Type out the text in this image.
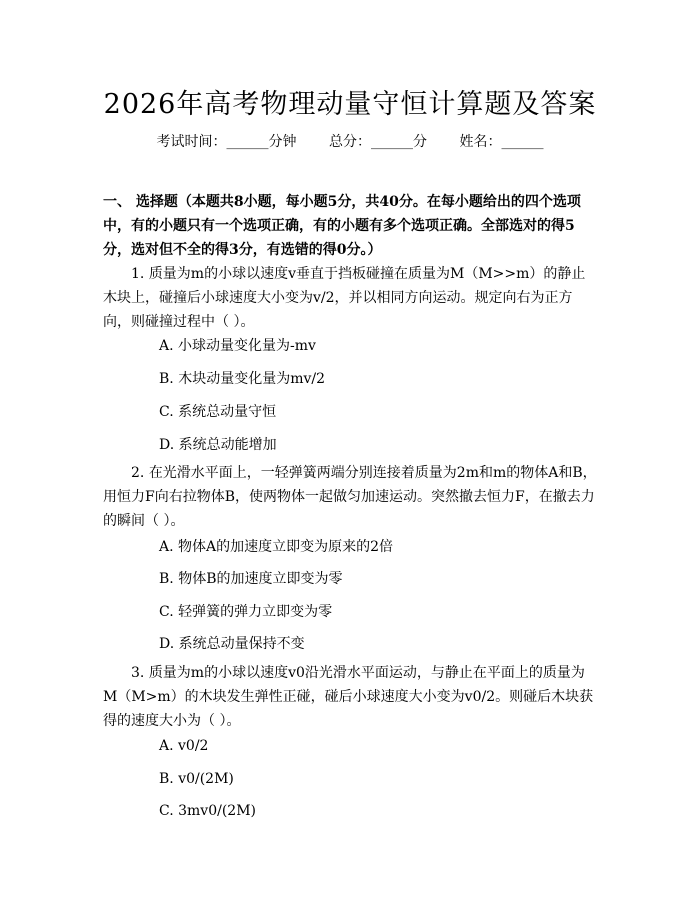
2026年高考物理动量守恒计算题及答案
考试时间：______分钟 总分：______分 姓名：______
一、 选择题（本题共8小题，每小题5分，共40分。在每小题给出的四个选项中，有的小题只有一个选项正确，有的小题有多个选项正确。全部选对的得5分，选对但不全的得3分，有选错的得0分。）
1. 质量为m的小球以速度v垂直于挡板碰撞在质量为M（M>>m）的静止木块上，碰撞后小球速度大小变为v/2，并以相同方向运动。规定向右为正方向，则碰撞过程中（ ）。
A. 小球动量变化量为-mv
B. 木块动量变化量为mv/2
C. 系统总动量守恒
D. 系统总动能增加
2. 在光滑水平面上，一轻弹簧两端分别连接着质量为2m和m的物体A和B，用恒力F向右拉物体B，使两物体一起做匀加速运动。突然撤去恒力F，在撤去力的瞬间（ ）。
A. 物体A的加速度立即变为原来的2倍
B. 物体B的加速度立即变为零
C. 轻弹簧的弹力立即变为零
D. 系统总动量保持不变
3. 质量为m的小球以速度v0沿光滑水平面运动，与静止在平面上的质量为M（M>m）的木块发生弹性正碰，碰后小球速度大小变为v0/2。则碰后木块获得的速度大小为（ ）。
A. v0/2
B. v0/(2M)
C. 3mv0/(2M)
